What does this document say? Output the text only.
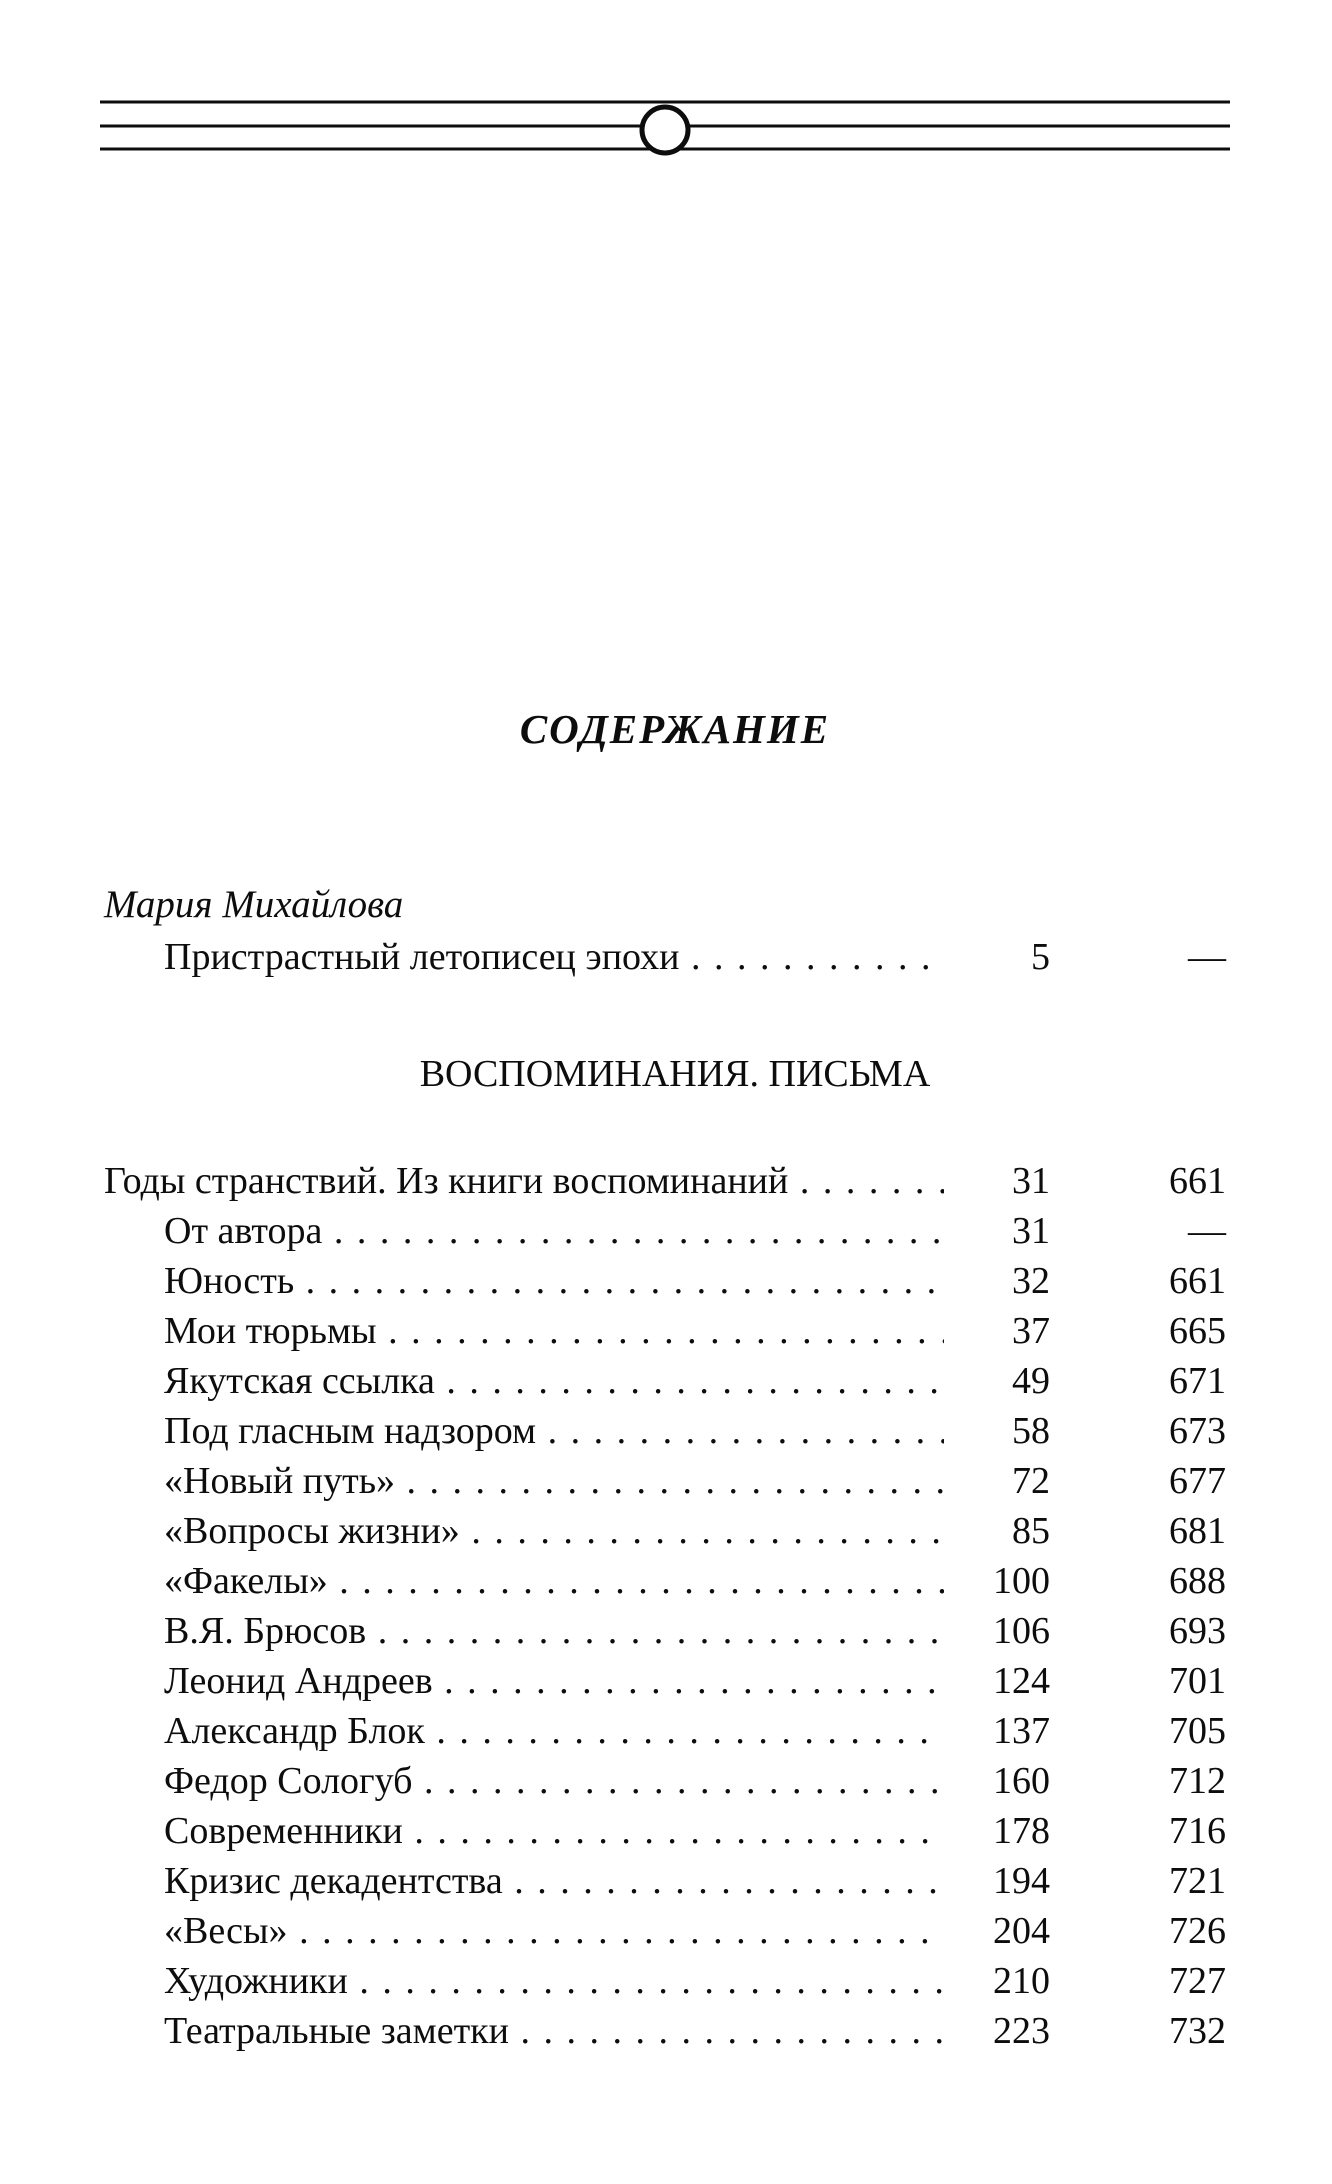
СОДЕРЖАНИЕ
Мария Михайлова
Пристрастный летописец эпохи . . .	5	—
ВОСПОМИНАНИЯ. ПИСЬМА
Годы странствий. Из книги воспоминаний . . .	31	661
От автора . . .	31	—
Юность . . .	32	661
Мои тюрьмы . . .	37	665
Якутская ссылка . . .	49	671
Под гласным надзором . . .	58	673
«Новый путь» . . .	72	677
«Вопросы жизни» . . .	85	681
«Факелы» . . .	100	688
В.Я. Брюсов . . .	106	693
Леонид Андреев . . .	124	701
Александр Блок . . .	137	705
Федор Сологуб . . .	160	712
Современники . . .	178	716
Кризис декадентства . . .	194	721
«Весы» . . .	204	726
Художники . . .	210	727
Театральные заметки . . .	223	732
